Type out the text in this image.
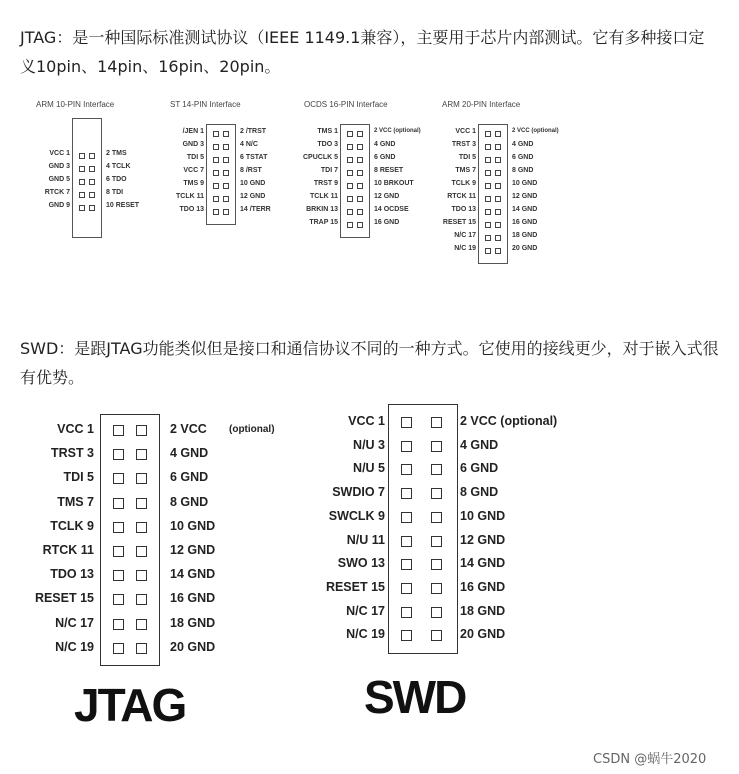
JTAG：是一种国际标准测试协议（IEEE 1149.1兼容），主要用于芯片内部测试。它有多种接口定义10pin、14pin、16pin、20pin。
ARM 10-PIN Interface
VCC 1	2 TMS
GND 3	4 TCLK
GND 5	6 TDO
RTCK 7	8 TDI
GND 9	10 RESET
ST 14-PIN Interface
/JEN 1	2 /TRST
GND 3	4 N/C
TDI 5	6 TSTAT
VCC 7	8 /RST
TMS 9	10 GND
TCLK 11	12 GND
TDO 13	14 /TERR
OCDS 16-PIN Interface
TMS 1	2 VCC (optional)
TDO 3	4 GND
CPUCLK 5	6 GND
TDI 7	8 RESET
TRST 9	10 BRKOUT
TCLK 11	12 GND
BRKIN 13	14 OCDSE
TRAP 15	16 GND
ARM 20-PIN Interface
VCC 1	2 VCC (optional)
TRST 3	4 GND
TDI 5	6 GND
TMS 7	8 GND
TCLK 9	10 GND
RTCK 11	12 GND
TDO 13	14 GND
RESET 15	16 GND
N/C 17	18 GND
N/C 19	20 GND
SWD：是跟JTAG功能类似但是接口和通信协议不同的一种方式。它使用的接线更少，对于嵌入式很有优势。
VCC 1	2 VCC
TRST 3	4 GND
TDI 5	6 GND
TMS 7	8 GND
TCLK 9	10 GND
RTCK 11	12 GND
TDO 13	14 GND
RESET 15	16 GND
N/C 17	18 GND
N/C 19	20 GND
(optional)
JTAG
VCC 1	2 VCC (optional)
N/U 3	4 GND
N/U 5	6 GND
SWDIO 7	8 GND
SWCLK 9	10 GND
N/U 11	12 GND
SWO 13	14 GND
RESET 15	16 GND
N/C 17	18 GND
N/C 19	20 GND
SWD
CSDN @蜗牛2020
